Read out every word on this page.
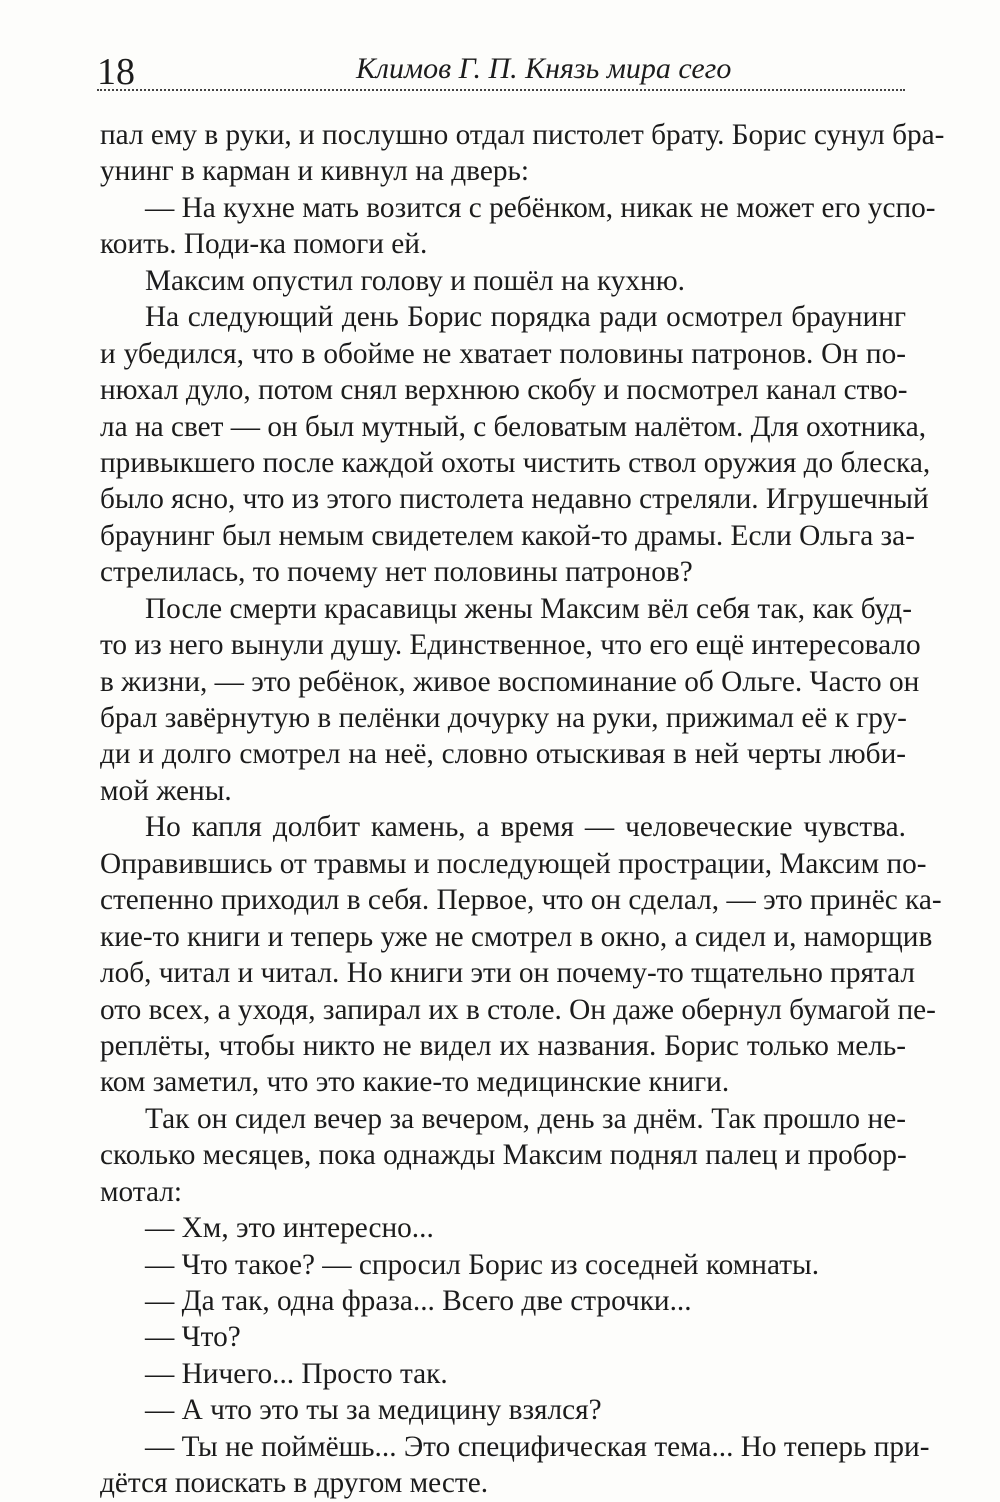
18	Климов Г. П. Князь мира сего
пал ему в руки, и послушно отдал пистолет брату. Борис сунул бра-
унинг в карман и кивнул на дверь:
— На кухне мать возится с ребёнком, никак не может его успо-
коить. Поди-ка помоги ей.
Максим опустил голову и пошёл на кухню.
На следующий день Борис порядка ради осмотрел браунинг
и убедился, что в обойме не хватает половины патронов. Он по-
нюхал дуло, потом снял верхнюю скобу и посмотрел канал ство-
ла на свет — он был мутный, с беловатым налётом. Для охотника,
привыкшего после каждой охоты чистить ствол оружия до блеска,
было ясно, что из этого пистолета недавно стреляли. Игрушечный
браунинг был немым свидетелем какой-то драмы. Если Ольга за-
стрелилась, то почему нет половины патронов?
После смерти красавицы жены Максим вёл себя так, как буд-
то из него вынули душу. Единственное, что его ещё интересовало
в жизни, — это ребёнок, живое воспоминание об Ольге. Часто он
брал завёрнутую в пелёнки дочурку на руки, прижимал её к гру-
ди и долго смотрел на неё, словно отыскивая в ней черты люби-
мой жены.
Но капля долбит камень, а время — человеческие чувства.
Оправившись от травмы и последующей прострации, Максим по-
степенно приходил в себя. Первое, что он сделал, — это принёс ка-
кие-то книги и теперь уже не смотрел в окно, а сидел и, наморщив
лоб, читал и читал. Но книги эти он почему-то тщательно прятал
ото всех, а уходя, запирал их в столе. Он даже обернул бумагой пе-
реплёты, чтобы никто не видел их названия. Борис только мель-
ком заметил, что это какие-то медицинские книги.
Так он сидел вечер за вечером, день за днём. Так прошло не-
сколько месяцев, пока однажды Максим поднял палец и пробор-
мотал:
— Хм, это интересно...
— Что такое? — спросил Борис из соседней комнаты.
— Да так, одна фраза... Всего две строчки...
— Что?
— Ничего... Просто так.
— А что это ты за медицину взялся?
— Ты не поймёшь... Это специфическая тема... Но теперь при-
дётся поискать в другом месте.
